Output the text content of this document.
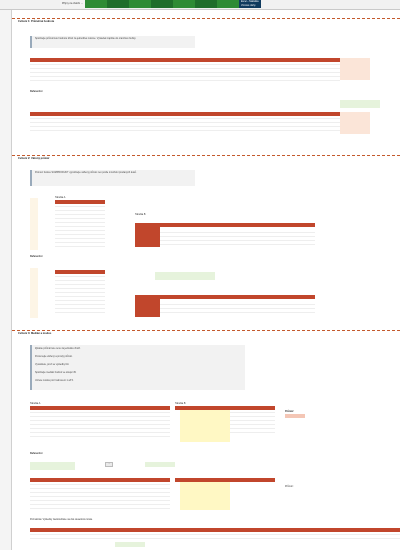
Příjmy za období →	Excel – Statistika
Vzorové úlohy
Cvičení 1: Průměrná hodnota
Spočítejte průměrnou hodnotu tržeb za jednotlivé měsíce. Výsledek zapište do oranžové buňky.
Referenční
Cvičení 2: Vážený průměr
Pomocí funkce SUMPRODUCT vypočítejte vážený průměr cen podle množství prodaných kusů.
Tabulka A
Tabulka B
Referenční
Cvičení 3: Medián a modus
Zjistěte průměrnou cenu za jednotku zboží.
Porovnejte vážený a prostý průměr.
Vysvětlete, proč se výsledky liší.
Spočítejte medián hodnot ve sloupci B.
Určete modus pro hodnocení 1 až 5.
Tabulka A	Tabulka B
Průměr:
Referenční
…
Průměr:
Poznámka: Výsledky zaokrouhlete na dvě desetinná místa.
